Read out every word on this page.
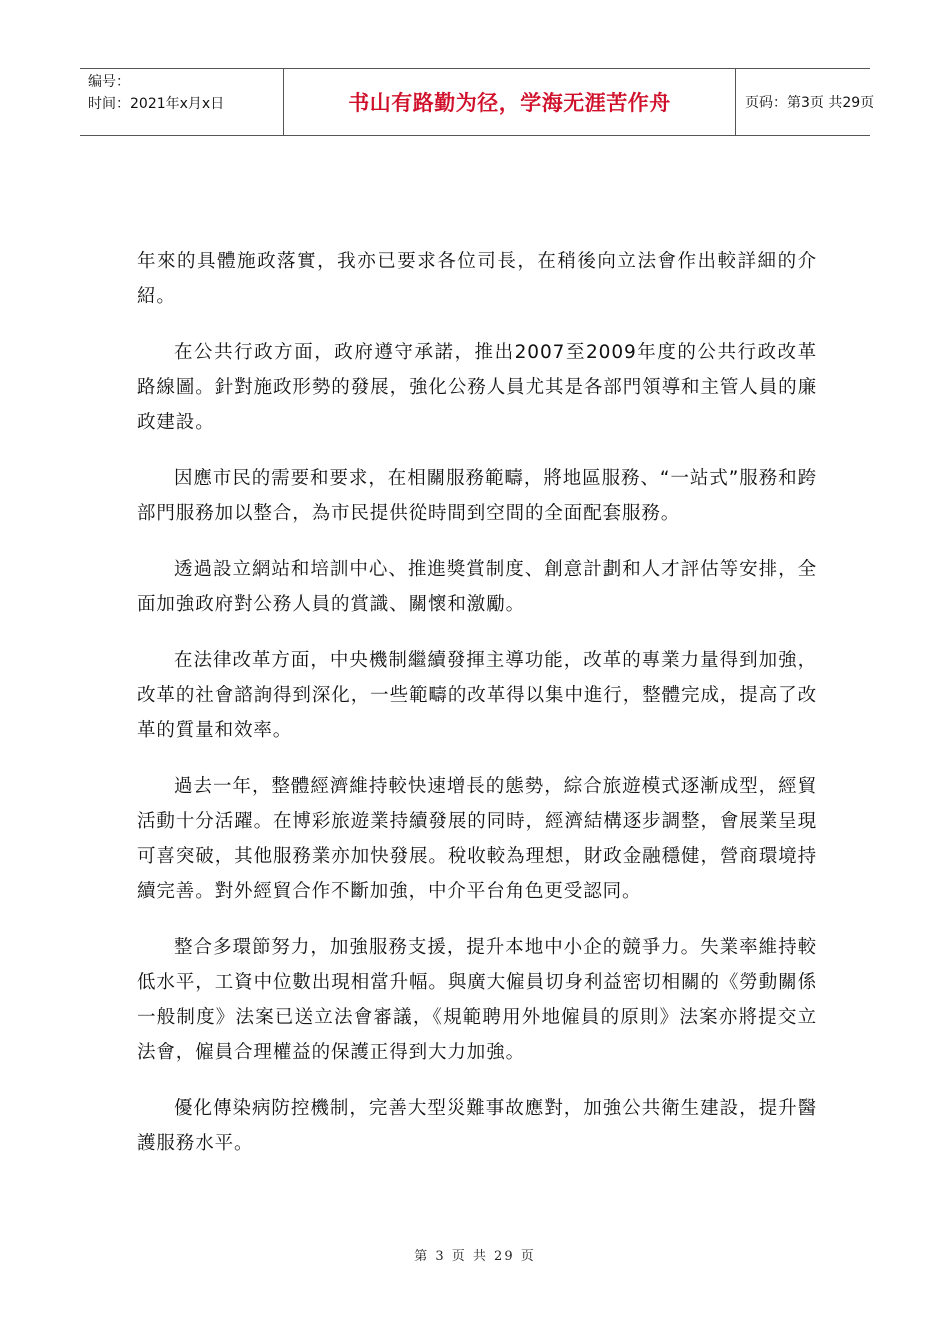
编号：
时间：2021年x月x日	书山有路勤为径，学海无涯苦作舟	页码：第3页 共29页

年來的具體施政落實，我亦已要求各位司長，在稍後向立法會作出較詳細的介紹。

在公共行政方面，政府遵守承諾，推出2007至2009年度的公共行政改革路線圖。針對施政形勢的發展，強化公務人員尤其是各部門領導和主管人員的廉政建設。

因應市民的需要和要求，在相關服務範疇，將地區服務、“一站式”服務和跨部門服務加以整合，為市民提供從時間到空間的全面配套服務。

透過設立網站和培訓中心、推進獎賞制度、創意計劃和人才評估等安排，全面加強政府對公務人員的賞識、關懷和激勵。

在法律改革方面，中央機制繼續發揮主導功能，改革的專業力量得到加強，改革的社會諮詢得到深化，一些範疇的改革得以集中進行，整體完成，提高了改革的質量和效率。

過去一年，整體經濟維持較快速增長的態勢，綜合旅遊模式逐漸成型，經貿活動十分活躍。在博彩旅遊業持續發展的同時，經濟結構逐步調整，會展業呈現可喜突破，其他服務業亦加快發展。稅收較為理想，財政金融穩健，營商環境持續完善。對外經貿合作不斷加強，中介平台角色更受認同。

整合多環節努力，加強服務支援，提升本地中小企的競爭力。失業率維持較低水平，工資中位數出現相當升幅。與廣大僱員切身利益密切相關的《勞動關係一般制度》法案已送立法會審議，《規範聘用外地僱員的原則》法案亦將提交立法會，僱員合理權益的保護正得到大力加強。

優化傳染病防控機制，完善大型災難事故應對，加強公共衛生建設，提升醫護服務水平。

第 3 页 共 29 页
